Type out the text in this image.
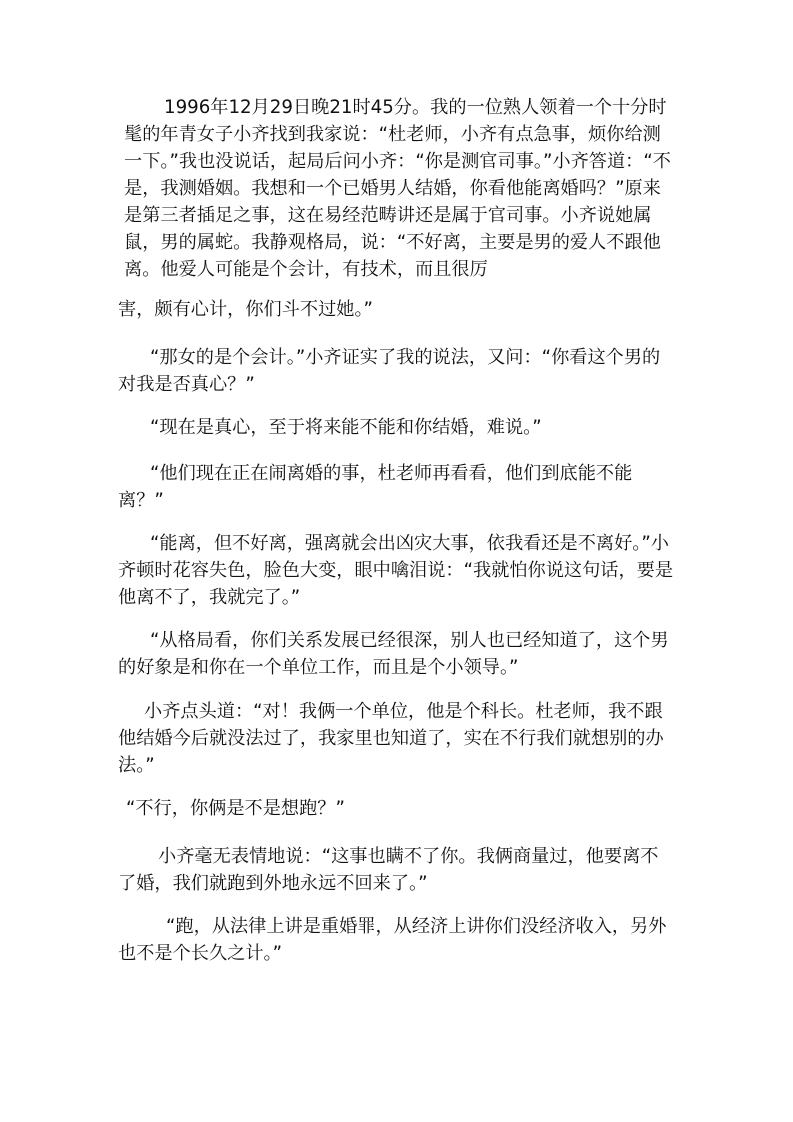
1996年12月29日晚21时45分。我的一位熟人领着一个十分时髦的年青女子小齐找到我家说：“杜老师，小齐有点急事，烦你给测一下。”我也没说话，起局后问小齐：“你是测官司事。”小齐答道：“不是，我测婚姻。我想和一个已婚男人结婚，你看他能离婚吗？”原来是第三者插足之事，这在易经范畴讲还是属于官司事。小齐说她属鼠，男的属蛇。我静观格局，说：“不好离，主要是男的爱人不跟他离。他爱人可能是个会计，有技术，而且很厉

害，颇有心计，你们斗不过她。”

“那女的是个会计。”小齐证实了我的说法，又问：“你看这个男的对我是否真心？”

“现在是真心，至于将来能不能和你结婚，难说。”

“他们现在正在闹离婚的事，杜老师再看看，他们到底能不能离？”

“能离，但不好离，强离就会出凶灾大事，依我看还是不离好。”小齐顿时花容失色，脸色大变，眼中噙泪说：“我就怕你说这句话，要是他离不了，我就完了。”

“从格局看，你们关系发展已经很深，别人也已经知道了，这个男的好象是和你在一个单位工作，而且是个小领导。”

小齐点头道：“对！我俩一个单位，他是个科长。杜老师，我不跟他结婚今后就没法过了，我家里也知道了，实在不行我们就想别的办法。”

“不行，你俩是不是想跑？”

小齐毫无表情地说：“这事也瞒不了你。我俩商量过，他要离不了婚，我们就跑到外地永远不回来了。”

“跑，从法律上讲是重婚罪，从经济上讲你们没经济收入，另外也不是个长久之计。”
